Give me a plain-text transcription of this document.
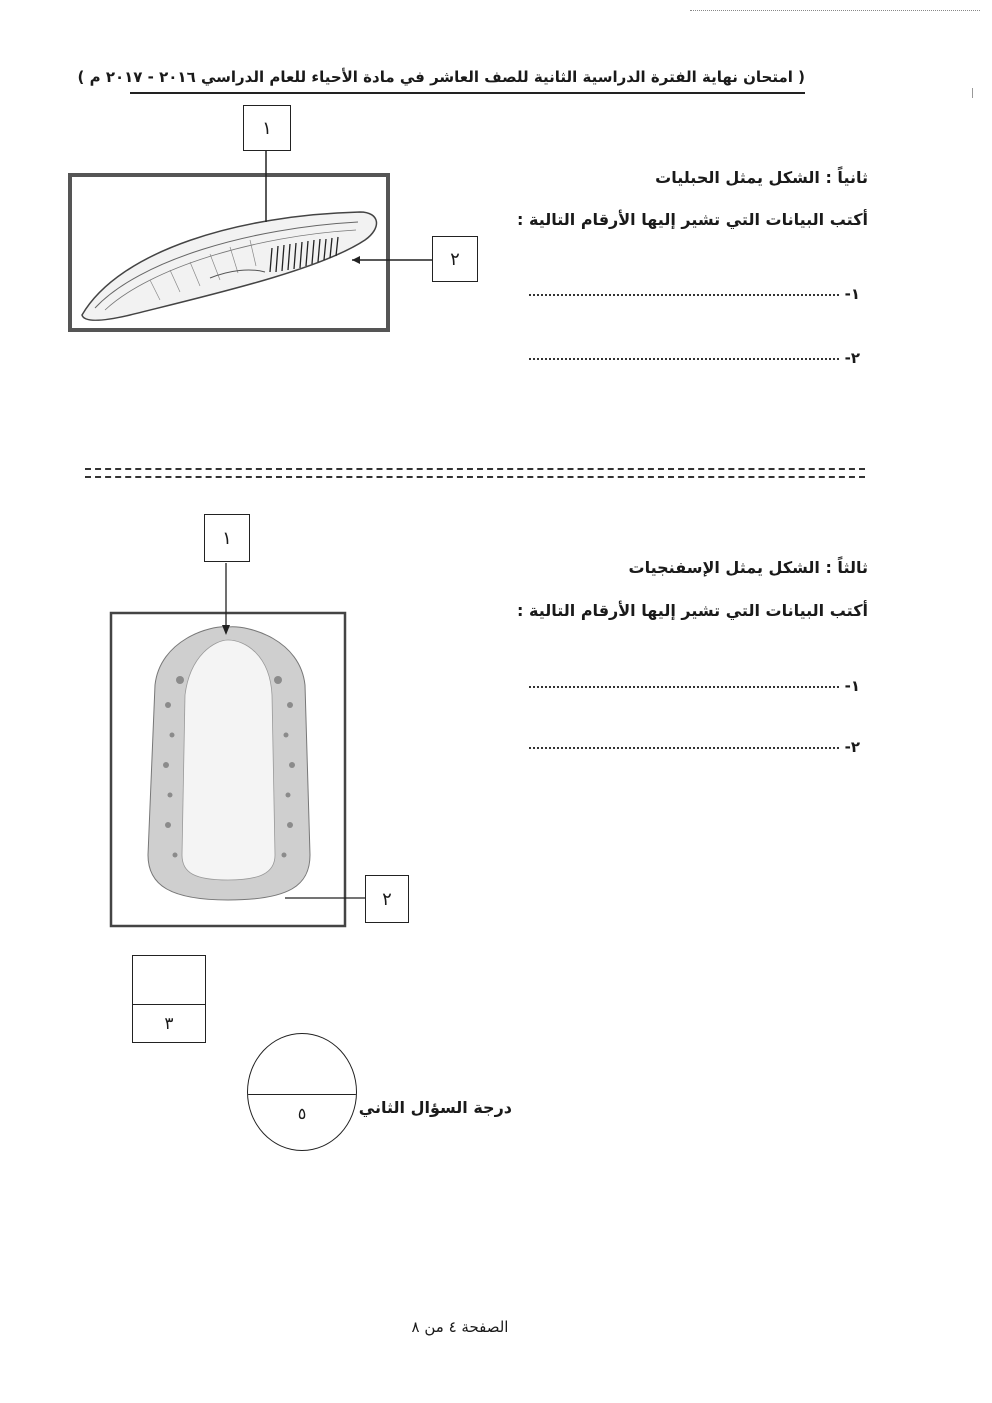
( امتحان نهاية الفترة الدراسية الثانية للصف العاشر في مادة الأحياء للعام الدراسي ٢٠١٦ - ٢٠١٧ م )
١
٢
ثانياً : الشكل يمثل الحبليات
أكتب البيانات التي تشير إليها الأرقام التالية :
١-
٢-
١
٢
ثالثاً : الشكل يمثل الإسفنجيات
أكتب البيانات التي تشير إليها الأرقام التالية :
١-
٢-
٣
٥	درجة السؤال الثاني
الصفحة ٤ من ٨
